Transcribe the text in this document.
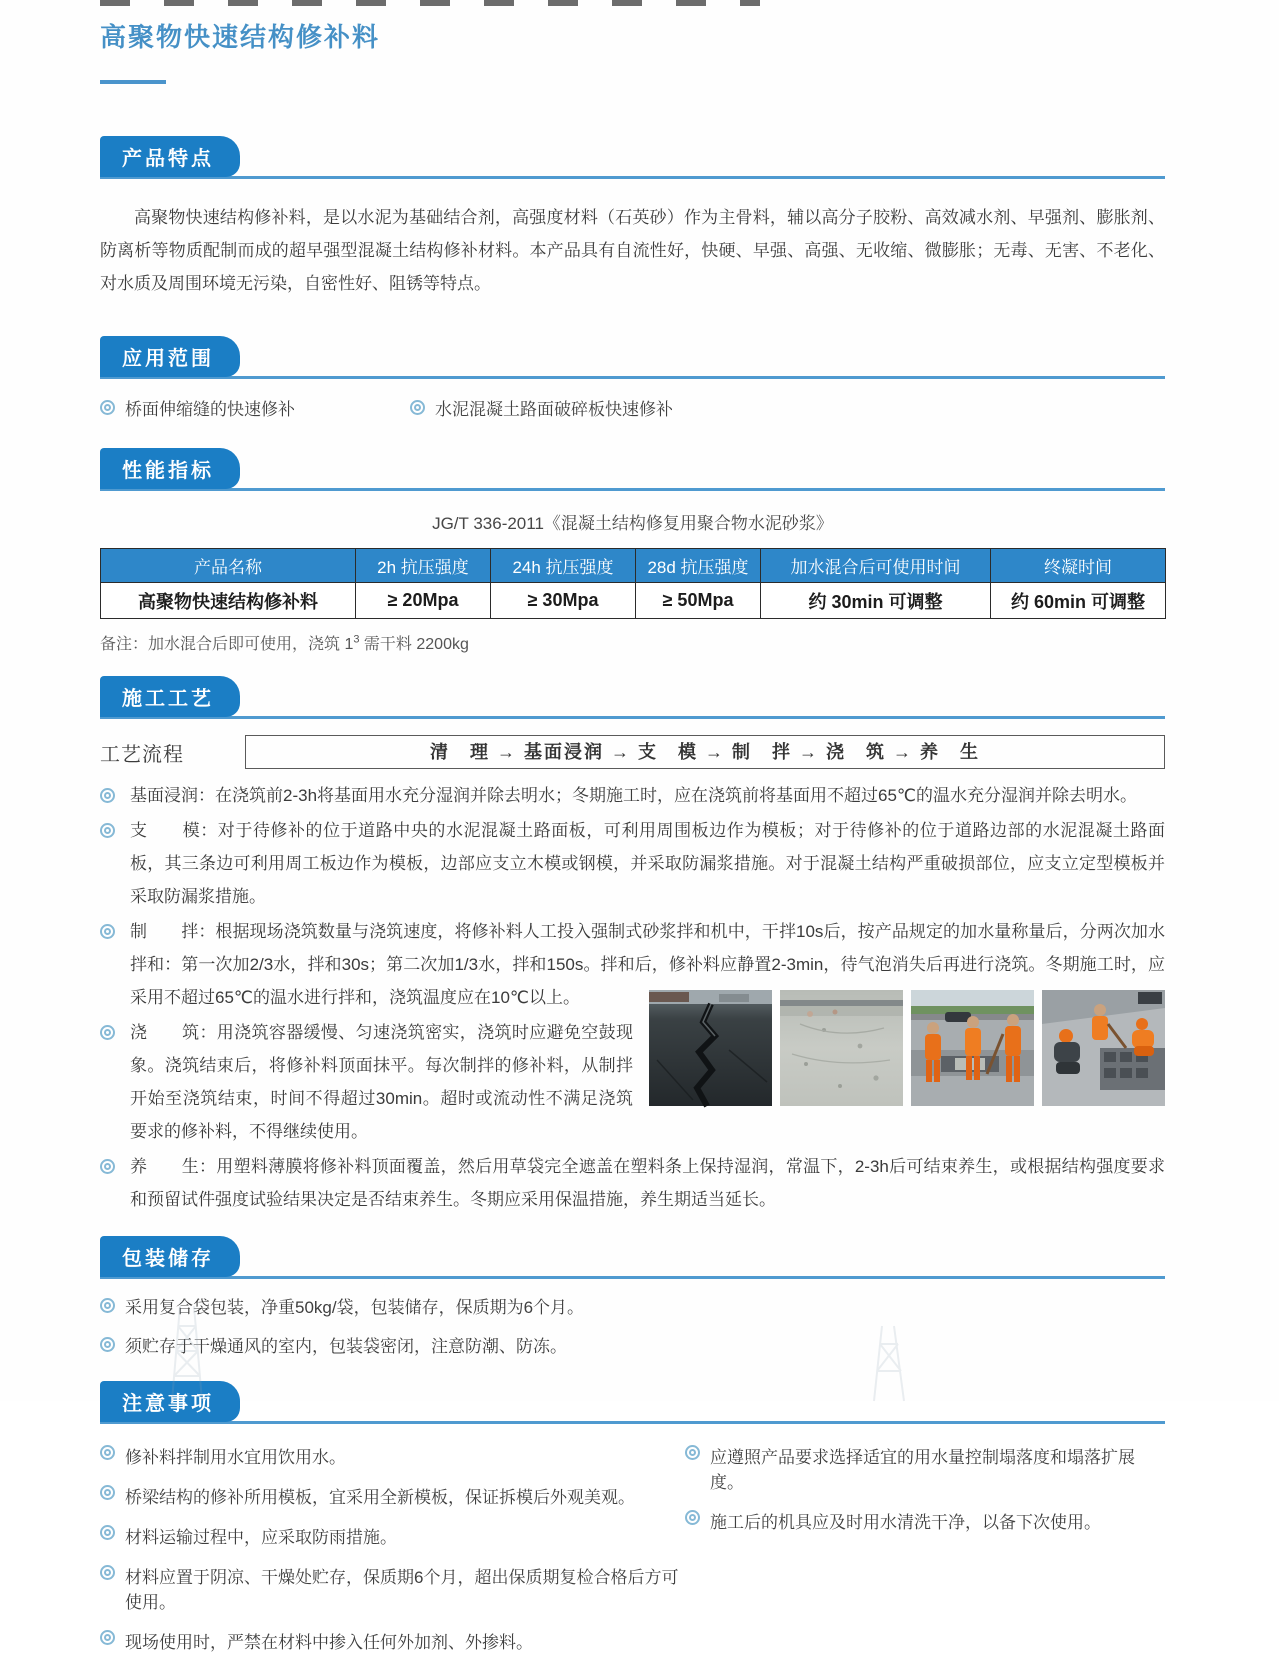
高聚物快速结构修补料
产品特点

高聚物快速结构修补料，是以水泥为基础结合剂，高强度材料（石英砂）作为主骨料，辅以高分子胶粉、高效减水剂、早强剂、膨胀剂、防离析等物质配制而成的超早强型混凝土结构修补材料。本产品具有自流性好，快硬、早强、高强、无收缩、微膨胀；无毒、无害、不老化、对水质及周围环境无污染，自密性好、阻锈等特点。

应用范围
桥面伸缩缝的快速修补	水泥混凝土路面破碎板快速修补
性能指标
JG/T 336-2011《混凝土结构修复用聚合物水泥砂浆》
产品名称	2h 抗压强度	24h 抗压强度	28d 抗压强度	加水混合后可使用时间	终凝时间
高聚物快速结构修补料	≥ 20Mpa	≥ 30Mpa	≥ 50Mpa	约 30min 可调整	约 60min 可调整

备注：加水混合后即可使用，浇筑 $1^3$ 需干料 2200kg

施工工艺
工艺流程	清　理 → 基面浸润 → 支　模 → 制　拌 → 浇　筑 → 养　生
基面浸润：在浇筑前2-3h将基面用水充分湿润并除去明水；冬期施工时，应在浇筑前将基面用不超过65℃的温水充分湿润并除去明水。
支　　模：对于待修补的位于道路中央的水泥混凝土路面板，可利用周围板边作为模板；对于待修补的位于道路边部的水泥混凝土路面板，其三条边可利用周工板边作为模板，边部应支立木模或钢模，并采取防漏浆措施。对于混凝土结构严重破损部位，应支立定型模板并采取防漏浆措施。
制　　拌：根据现场浇筑数量与浇筑速度，将修补料人工投入强制式砂浆拌和机中，干拌10s后，按产品规定的加水量称量后，分两次加水拌和：第一次加2/3水，拌和30s；第二次加1/3水，拌和150s。拌和后，修补料应静置2-3min，待气泡消失后再进行浇筑。冬期施工时，应采用不超过65℃的温水进行拌和，浇筑温度应在10℃以上。
浇　　筑：用浇筑容器缓慢、匀速浇筑密实，浇筑时应避免空鼓现象。浇筑结束后，将修补料顶面抹平。每次制拌的修补料，从制拌开始至浇筑结束，时间不得超过30min。超时或流动性不满足浇筑要求的修补料，不得继续使用。
养　　生：用塑料薄膜将修补料顶面覆盖，然后用草袋完全遮盖在塑料条上保持湿润，常温下，2-3h后可结束养生，或根据结构强度要求和预留试件强度试验结果决定是否结束养生。冬期应采用保温措施，养生期适当延长。
包装储存
采用复合袋包装，净重50kg/袋，包装储存，保质期为6个月。
须贮存于干燥通风的室内，包装袋密闭，注意防潮、防冻。
注意事项
修补料拌制用水宜用饮用水。
桥梁结构的修补所用模板，宜采用全新模板，保证拆模后外观美观。
材料运输过程中，应采取防雨措施。
材料应置于阴凉、干燥处贮存，保质期6个月，超出保质期复检合格后方可使用。
现场使用时，严禁在材料中掺入任何外加剂、外掺料。
应遵照产品要求选择适宜的用水量控制塌落度和塌落扩展度。
施工后的机具应及时用水清洗干净，以备下次使用。
